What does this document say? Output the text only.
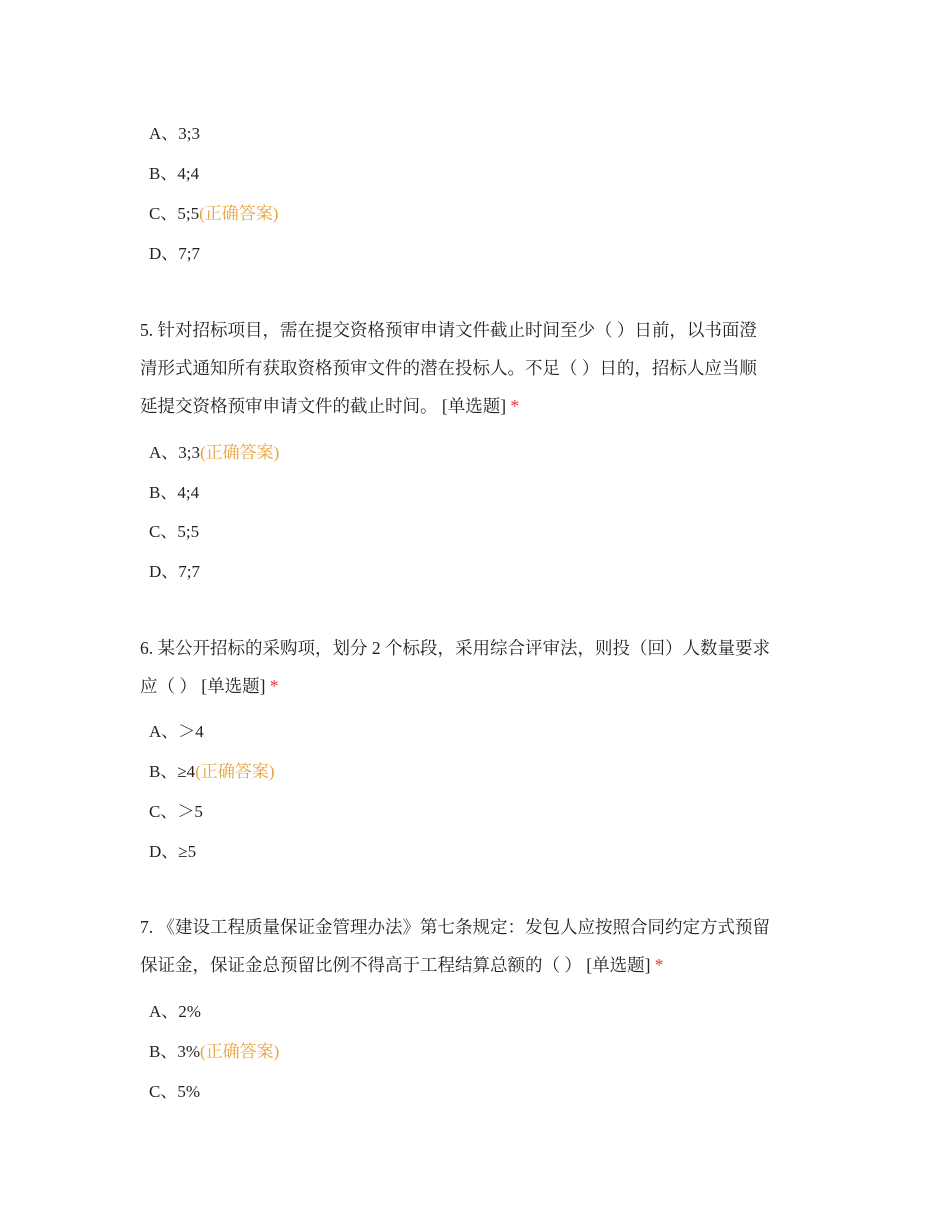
A、3;3
B、4;4
C、5;5(正确答案)
D、7;7
5. 针对招标项目，需在提交资格预审申请文件截止时间至少（ ）日前，以书面澄
清形式通知所有获取资格预审文件的潜在投标人。不足（ ）日的，招标人应当顺
延提交资格预审申请文件的截止时间。 [单选题] *
A、3;3(正确答案)
B、4;4
C、5;5
D、7;7
6. 某公开招标的采购项，划分 2 个标段，采用综合评审法，则投（回）人数量要求
应（ ） [单选题] *
A、＞4
B、≥4(正确答案)
C、＞5
D、≥5
7. 《建设工程质量保证金管理办法》第七条规定：发包人应按照合同约定方式预留
保证金，保证金总预留比例不得高于工程结算总额的（ ） [单选题] *
A、2%
B、3%(正确答案)
C、5%
